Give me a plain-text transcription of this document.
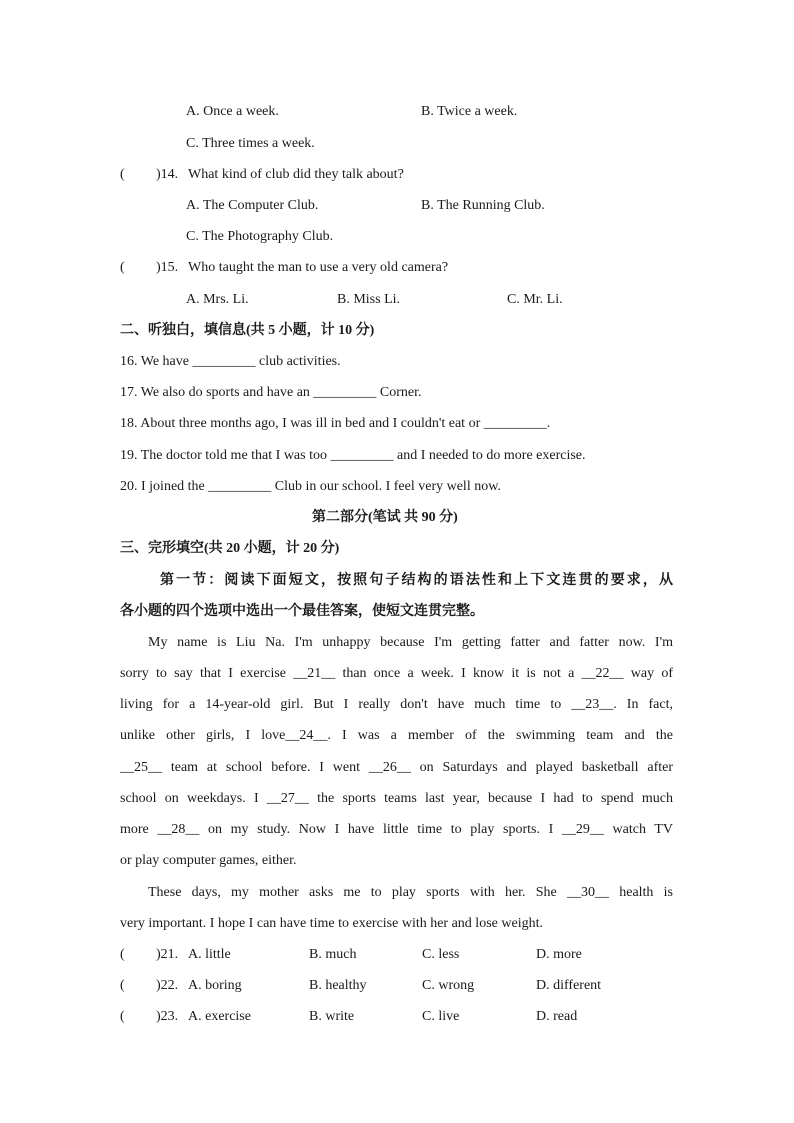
A. Once a week.	B. Twice a week.
C. Three times a week.
( )14. What kind of club did they talk about?
A. The Computer Club.	B. The Running Club.
C. The Photography Club.
( )15. Who taught the man to use a very old camera?
A. Mrs. Li.	B. Miss Li.	C. Mr. Li.
二、听独白，填信息(共 5 小题，计 10 分)
16. We have _________ club activities.
17. We also do sports and have an _________ Corner.
18. About three months ago, I was ill in bed and I couldn't eat or _________.
19. The doctor told me that I was too _________ and I needed to do more exercise.
20. I joined the _________ Club in our school. I feel very well now.
第二部分(笔试 共 90 分)
三、完形填空(共 20 小题，计 20 分)
第一节：阅读下面短文，按照句子结构的语法性和上下文连贯的要求，从
各小题的四个选项中选出一个最佳答案，使短文连贯完整。
My name is Liu Na. I'm unhappy because I'm getting fatter and fatter now. I'm
sorry to say that I exercise __21__ than once a week. I know it is not a __22__ way of
living for a 14-year-old girl. But I really don't have much time to __23__. In fact,
unlike other girls, I love__24__. I was a member of the swimming team and the
__25__ team at school before. I went __26__ on Saturdays and played basketball after
school on weekdays. I __27__ the sports teams last year, because I had to spend much
more __28__ on my study. Now I have little time to play sports. I __29__ watch TV
or play computer games, either.
These days, my mother asks me to play sports with her. She __30__ health is
very important. I hope I can have time to exercise with her and lose weight.
( )21. A. little	B. much	C. less	D. more
( )22. A. boring	B. healthy	C. wrong	D. different
( )23. A. exercise	B. write	C. live	D. read
